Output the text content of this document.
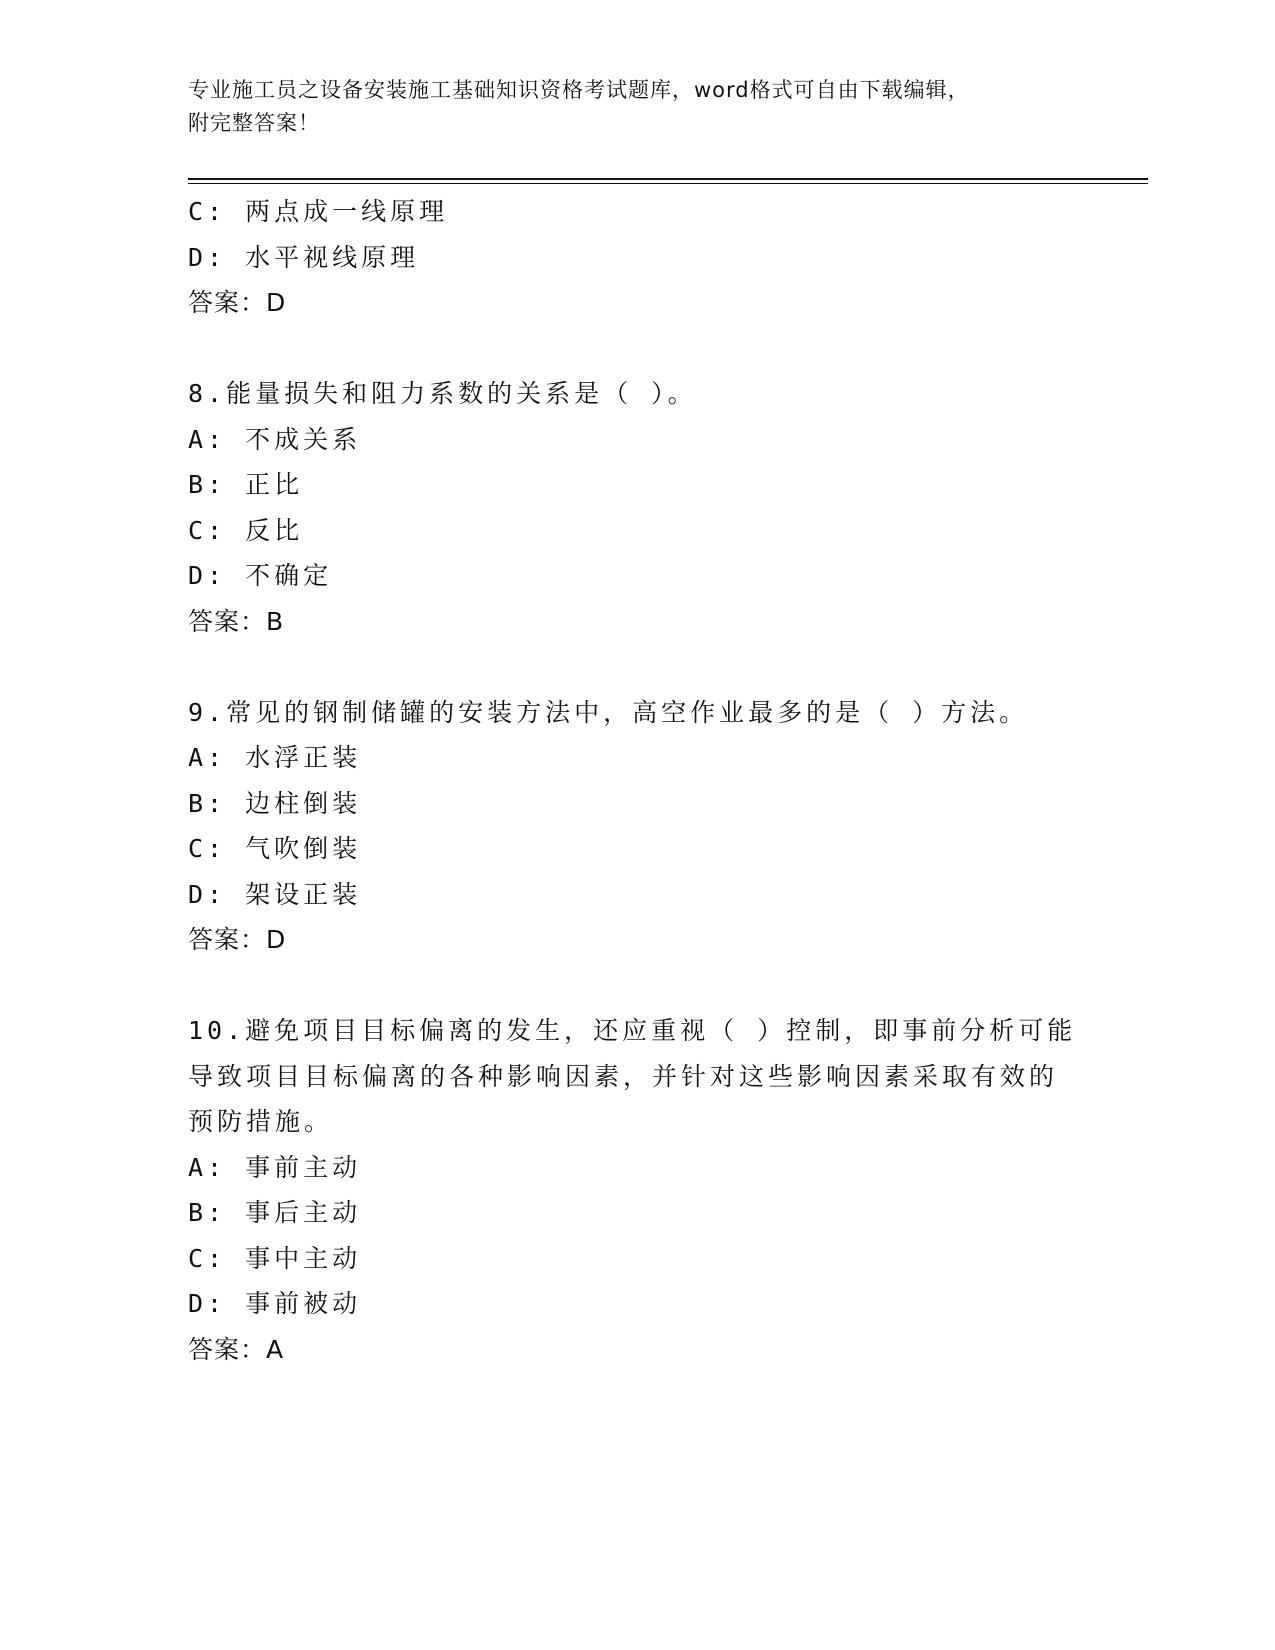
专业施工员之设备安装施工基础知识资格考试题库，word格式可自由下载编辑，
附完整答案！
C: 两点成一线原理
D: 水平视线原理
答案：D
8.能量损失和阻力系数的关系是（ ）。
A: 不成关系
B: 正比
C: 反比
D: 不确定
答案：B
9.常见的钢制储罐的安装方法中，高空作业最多的是（ ）方法。
A: 水浮正装
B: 边柱倒装
C: 气吹倒装
D: 架设正装
答案：D
10.避免项目目标偏离的发生，还应重视（ ）控制，即事前分析可能
导致项目目标偏离的各种影响因素，并针对这些影响因素采取有效的
预防措施。
A: 事前主动
B: 事后主动
C: 事中主动
D: 事前被动
答案：A
